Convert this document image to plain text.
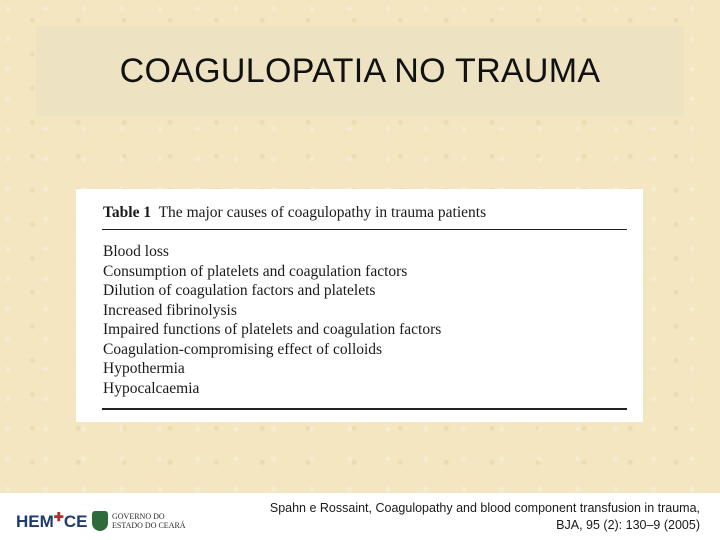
COAGULOPATIA NO TRAUMA
Table 1 The major causes of coagulopathy in trauma patients
Blood loss
Consumption of platelets and coagulation factors
Dilution of coagulation factors and platelets
Increased fibrinolysis
Impaired functions of platelets and coagulation factors
Coagulation-compromising effect of colloids
Hypothermia
Hypocalcaemia
HEM✚CE	GOVERNO DO
ESTADO DO CEARÁ
Spahn e Rossaint, Coagulopathy and blood component transfusion in trauma,
BJA, 95 (2): 130–9 (2005)
